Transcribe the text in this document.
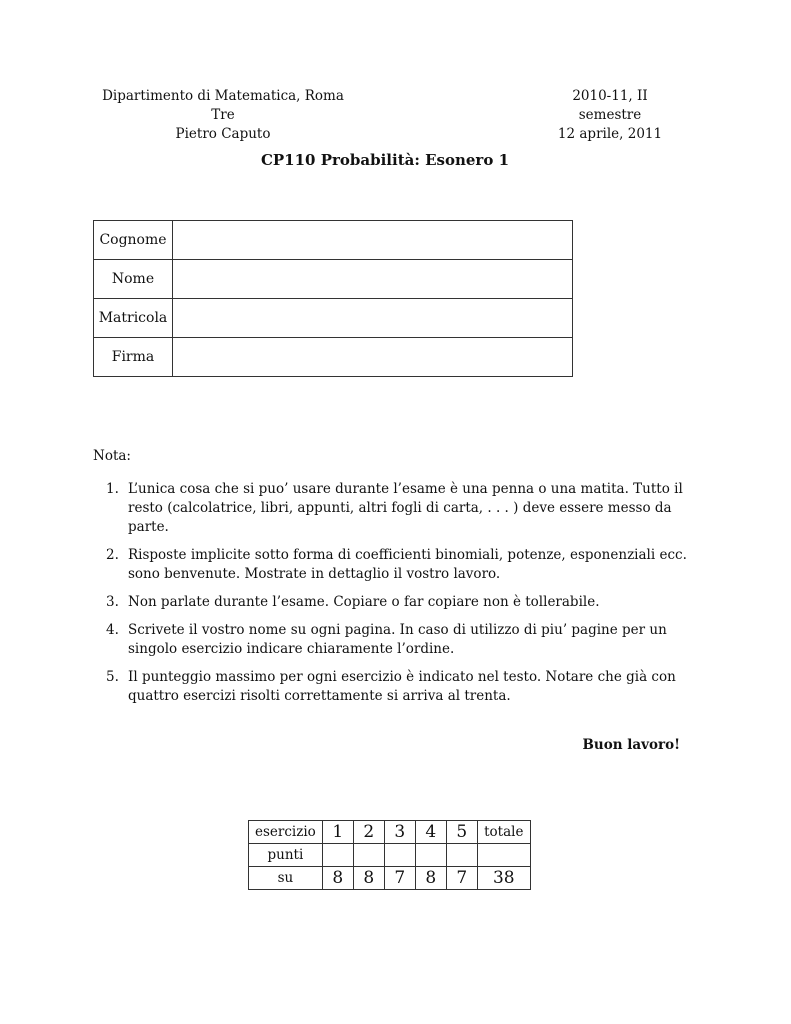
Dipartimento di Matematica, Roma Tre
Pietro Caputo
2010-11, II semestre
12 aprile, 2011
CP110 Probabilità: Esonero 1
Cognome	
Nome	
Matricola	
Firma	
Nota:
1. L’unica cosa che si puo’ usare durante l’esame è una penna o una matita. Tutto il resto (calcolatrice, libri, appunti, altri fogli di carta, . . . ) deve essere messo da parte.
2. Risposte implicite sotto forma di coefficienti binomiali, potenze, esponenziali ecc. sono benvenute. Mostrate in dettaglio il vostro lavoro.
3. Non parlate durante l’esame. Copiare o far copiare non è tollerabile.
4. Scrivete il vostro nome su ogni pagina. In caso di utilizzo di piu’ pagine per un singolo esercizio indicare chiaramente l’ordine.
5. Il punteggio massimo per ogni esercizio è indicato nel testo. Notare che già con quattro esercizi risolti correttamente si arriva al trenta.
Buon lavoro!
esercizio	1	2	3	4	5	totale
punti						
su	8	8	7	8	7	38
